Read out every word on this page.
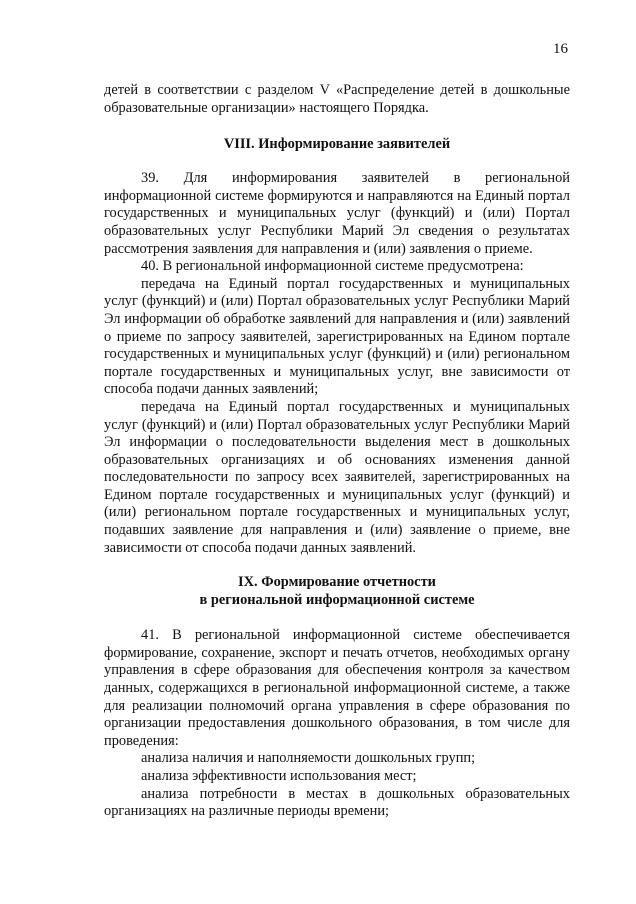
16

детей в соответствии с разделом V «Распределение детей в дошкольные образовательные организации» настоящего Порядка.

VIII. Информирование заявителей

39. Для информирования заявителей в региональной информационной системе формируются и направляются на Единый портал государственных и муниципальных услуг (функций) и (или) Портал образовательных услуг Республики Марий Эл сведения о результатах рассмотрения заявления для направления и (или) заявления о приеме.

40. В региональной информационной системе предусмотрена:

передача на Единый портал государственных и муниципальных услуг (функций) и (или) Портал образовательных услуг Республики Марий Эл информации об обработке заявлений для направления и (или) заявлений о приеме по запросу заявителей, зарегистрированных на Едином портале государственных и муниципальных услуг (функций) и (или) региональном портале государственных и муниципальных услуг, вне зависимости от способа подачи данных заявлений;

передача на Единый портал государственных и муниципальных услуг (функций) и (или) Портал образовательных услуг Республики Марий Эл информации о последовательности выделения мест в дошкольных образовательных организациях и об основаниях изменения данной последовательности по запросу всех заявителей, зарегистрированных на Едином портале государственных и муниципальных услуг (функций) и (или) региональном портале государственных и муниципальных услуг, подавших заявление для направления и (или) заявление о приеме, вне зависимости от способа подачи данных заявлений.

IX. Формирование отчетности
в региональной информационной системе

41. В региональной информационной системе обеспечивается формирование, сохранение, экспорт и печать отчетов, необходимых органу управления в сфере образования для обеспечения контроля за качеством данных, содержащихся в региональной информационной системе, а также для реализации полномочий органа управления в сфере образования по организации предоставления дошкольного образования, в том числе для проведения:

анализа наличия и наполняемости дошкольных групп;

анализа эффективности использования мест;

анализа потребности в местах в дошкольных образовательных организациях на различные периоды времени;
